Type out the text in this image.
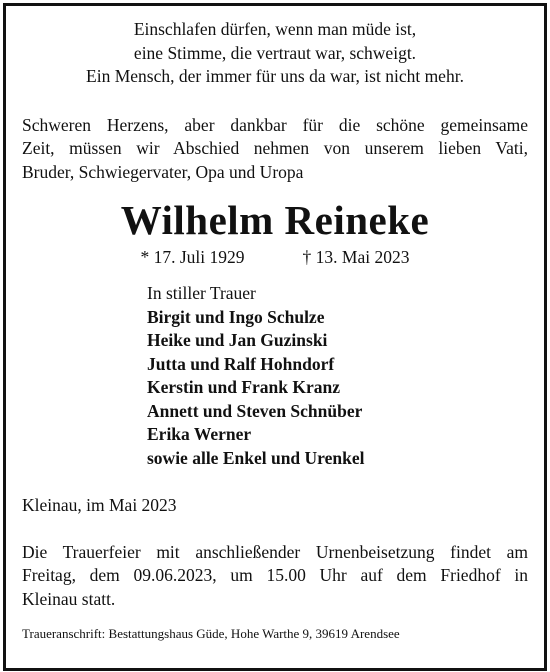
Einschlafen dürfen, wenn man müde ist,
eine Stimme, die vertraut war, schweigt.
Ein Mensch, der immer für uns da war, ist nicht mehr.
Schweren Herzens, aber dankbar für die schöne gemeinsame
Zeit, müssen wir Abschied nehmen von unserem lieben Vati,
Bruder, Schwiegervater, Opa und Uropa
Wilhelm Reineke
* 17. Juli 1929	† 13. Mai 2023
In stiller Trauer
Birgit und Ingo Schulze
Heike und Jan Guzinski
Jutta und Ralf Hohndorf
Kerstin und Frank Kranz
Annett und Steven Schnüber
Erika Werner
sowie alle Enkel und Urenkel
Kleinau, im Mai 2023
Die Trauerfeier mit anschließender Urnenbeisetzung findet am
Freitag, dem 09.06.2023, um 15.00 Uhr auf dem Friedhof in
Kleinau statt.
Traueranschrift: Bestattungshaus Güde, Hohe Warthe 9, 39619 Arendsee
